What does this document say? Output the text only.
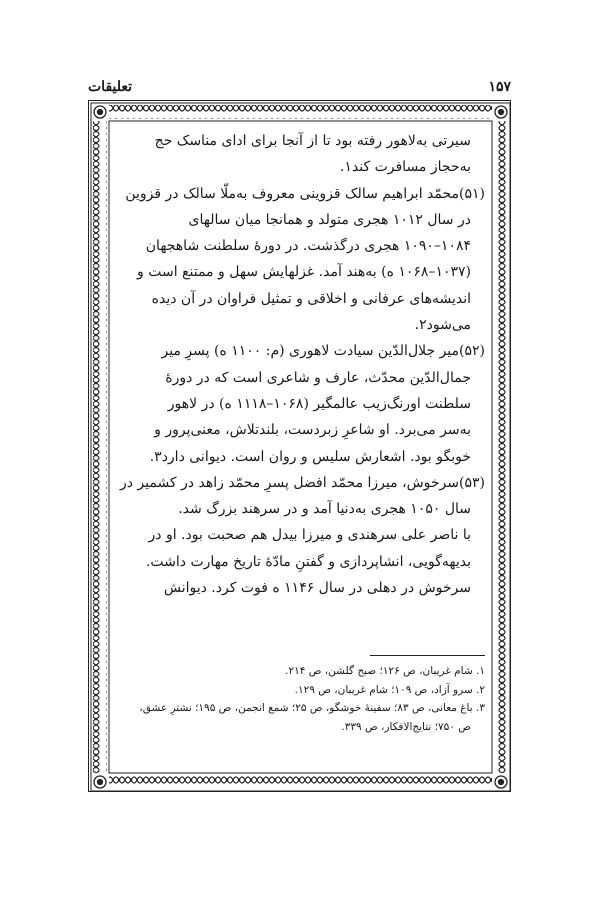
۱۵۷
تعلیقات

سیرتی به‌لاهور رفته بود تا از آنجا برای ادای مناسک حج

به‌حجاز مسافرت کند۱.

(۵۱)محمّد ابراهیم سالک قزوینی معروف به‌ملّا سالک در قزوین

در سال ۱۰۱۲ هجری متولد و همانجا میان سالهای

۱۰۸۴–۱۰۹۰ هجری درگذشت. در دورهٔ سلطنت شاهجهان

(۱۰۳۷–۱۰۶۸ ه) به‌هند آمد. غزلهایش سهل و ممتنع است و

اندیشه‌های عرفانی و اخلاقی و تمثیل فراوان در آن دیده

می‌شود۲.

(۵۲)میر جلال‌الدّین سیادت لاهوری (م: ۱۱۰۰ ه) پسرِ میر

جمال‌الدّین محدّث، عارف و شاعری است که در دورهٔ

سلطنت اورنگ‌زیب عالمگیر (۱۰۶۸–۱۱۱۸ ه) در لاهور

به‌سر می‌برد. او شاعرِ زبردست، بلندتلاش، معنی‌پرور و

خوبگو بود. اشعارش سلیس و روان است. دیوانی دارد۳.

(۵۳)سرخوش، میرزا محمّد افضل پسرِ محمّد زاهد در کشمیر در

سال ۱۰۵۰ هجری به‌دنیا آمد و در سرهند بزرگ شد.

با ناصر علی سرهندی و میرزا بیدل هم صحبت بود. او در

بدیهه‌گویی، انشاپردازی و گفتنِ مادّهٔ تاریخ مهارت داشت.

سرخوش در دهلی در سال ۱۱۴۶ ه فوت کرد. دیوانش

۱. شام غریبان، ص ۱۲۶؛ صبح گلشن، ص ۲۱۴.
۲. سرو آزاد، ص ۱۰۹؛ شام غریبان، ص ۱۲۹.
۳. باغ معانی، ص ۸۳؛ سفینهٔ خوشگو، ص ۲۵؛ شمع انجمن، ص ۱۹۵؛ نشترِ عشق،
ص ۷۵۰؛ نتایج‌الافکار، ص ۳۳۹.
